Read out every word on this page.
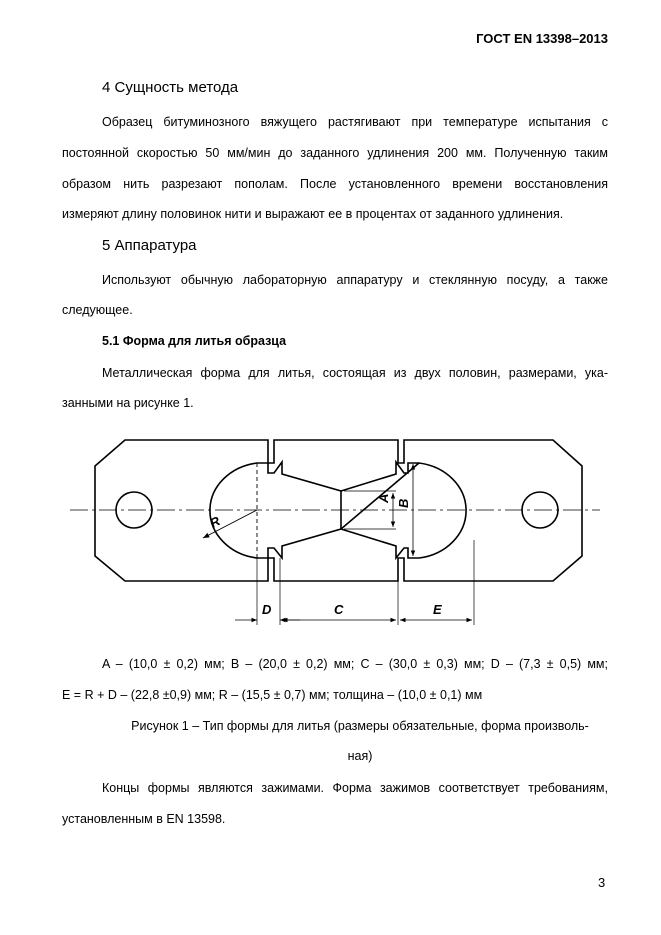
ГОСТ EN 13398–2013
4 Сущность метода
Образец битуминозного вяжущего растягивают при температуре испытания с
постоянной скоростью 50 мм/мин до заданного удлинения 200 мм. Полученную таким
образом нить разрезают пополам. После установленного времени восстановления
измеряют длину половинок нити и выражают ее в процентах от заданного удлинения.
5 Аппаратура
Используют обычную лабораторную аппаратуру и стеклянную посуду, а также
следующее.
5.1 Форма для литья образца
Металлическая форма для литья, состоящая из двух половин, размерами, ука-
занными на рисунке 1.
R
A
B
D	C	E
A – (10,0 ± 0,2) мм; B – (20,0 ± 0,2) мм; C – (30,0 ± 0,3) мм; D – (7,3 ± 0,5) мм;
E = R + D – (22,8 ±0,9) мм; R – (15,5 ± 0,7) мм; толщина – (10,0 ± 0,1) мм
Рисунок 1 – Тип формы для литья (размеры обязательные, форма произволь-
ная)
Концы формы являются зажимами. Форма зажимов соответствует требованиям,
установленным в EN 13598.
3
